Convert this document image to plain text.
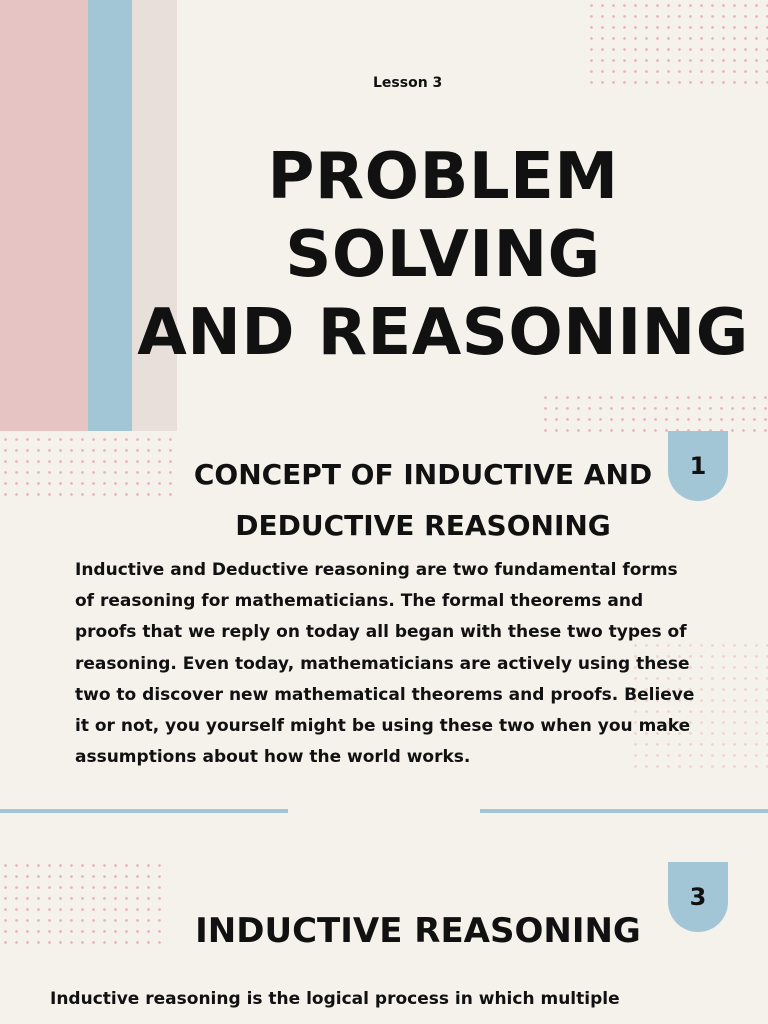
Lesson 3
PROBLEM SOLVING
AND REASONING
1
CONCEPT OF INDUCTIVE AND
DEDUCTIVE REASONING

Inductive and Deductive reasoning are two fundamental forms
of reasoning for mathematicians. The formal theorems and
proofs that we reply on today all began with these two types of
reasoning. Even today, mathematicians are actively using these
two to discover new mathematical theorems and proofs. Believe
it or not, you yourself might be using these two when you make
assumptions about how the world works.

3
INDUCTIVE REASONING

Inductive reasoning is the logical process in which multiple
